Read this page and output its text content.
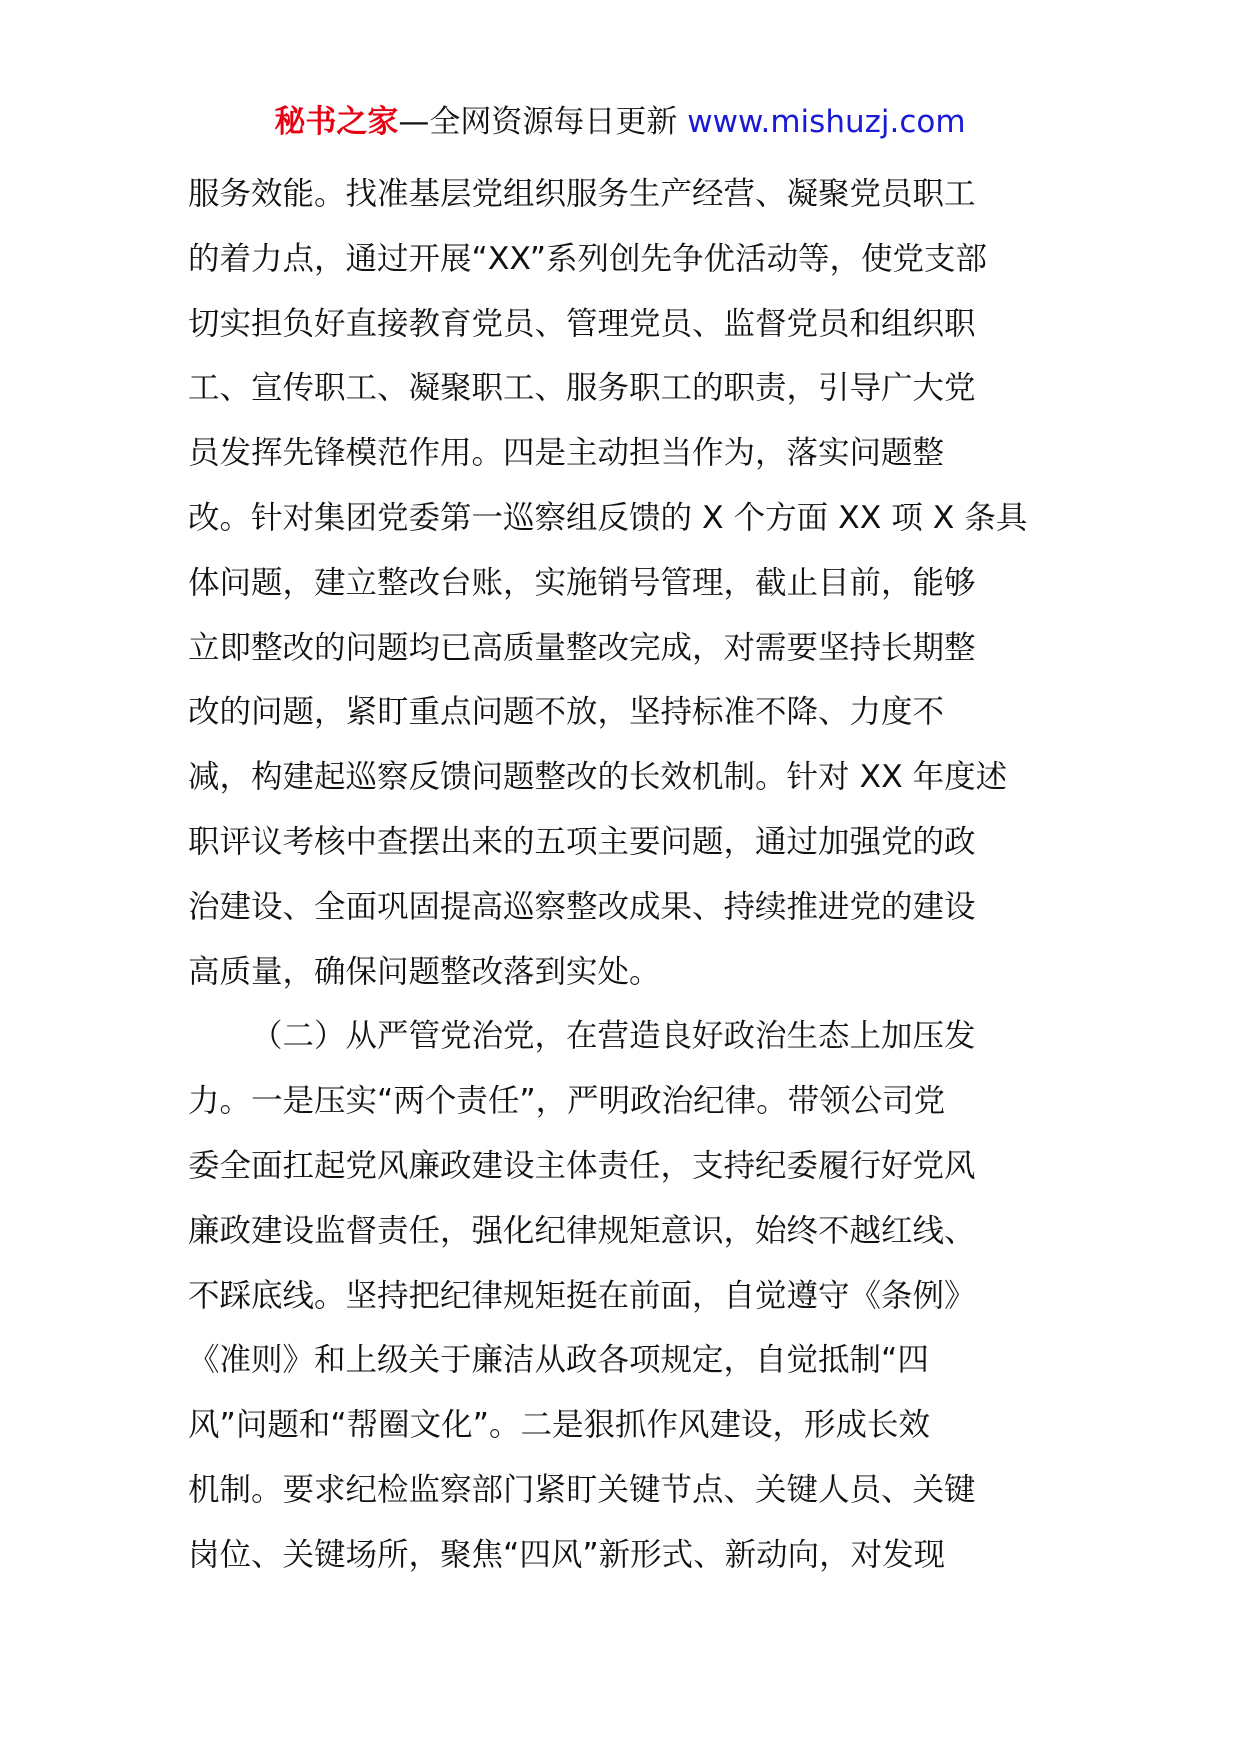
秘书之家—全网资源每日更新 www.mishuzj.com
服务效能。找准基层党组织服务生产经营、凝聚党员职工
的着力点，通过开展“XX”系列创先争优活动等，使党支部
切实担负好直接教育党员、管理党员、监督党员和组织职
工、宣传职工、凝聚职工、服务职工的职责，引导广大党
员发挥先锋模范作用。四是主动担当作为，落实问题整
改。针对集团党委第一巡察组反馈的 X 个方面 XX 项 X 条具
体问题，建立整改台账，实施销号管理，截止目前，能够
立即整改的问题均已高质量整改完成，对需要坚持长期整
改的问题，紧盯重点问题不放，坚持标准不降、力度不
减，构建起巡察反馈问题整改的长效机制。针对 XX 年度述
职评议考核中查摆出来的五项主要问题，通过加强党的政
治建设、全面巩固提高巡察整改成果、持续推进党的建设
高质量，确保问题整改落到实处。
（二）从严管党治党，在营造良好政治生态上加压发
力。一是压实“两个责任”，严明政治纪律。带领公司党
委全面扛起党风廉政建设主体责任，支持纪委履行好党风
廉政建设监督责任，强化纪律规矩意识，始终不越红线、
不踩底线。坚持把纪律规矩挺在前面，自觉遵守《条例》
《准则》和上级关于廉洁从政各项规定，自觉抵制“四
风”问题和“帮圈文化”。二是狠抓作风建设，形成长效
机制。要求纪检监察部门紧盯关键节点、关键人员、关键
岗位、关键场所，聚焦“四风”新形式、新动向，对发现
